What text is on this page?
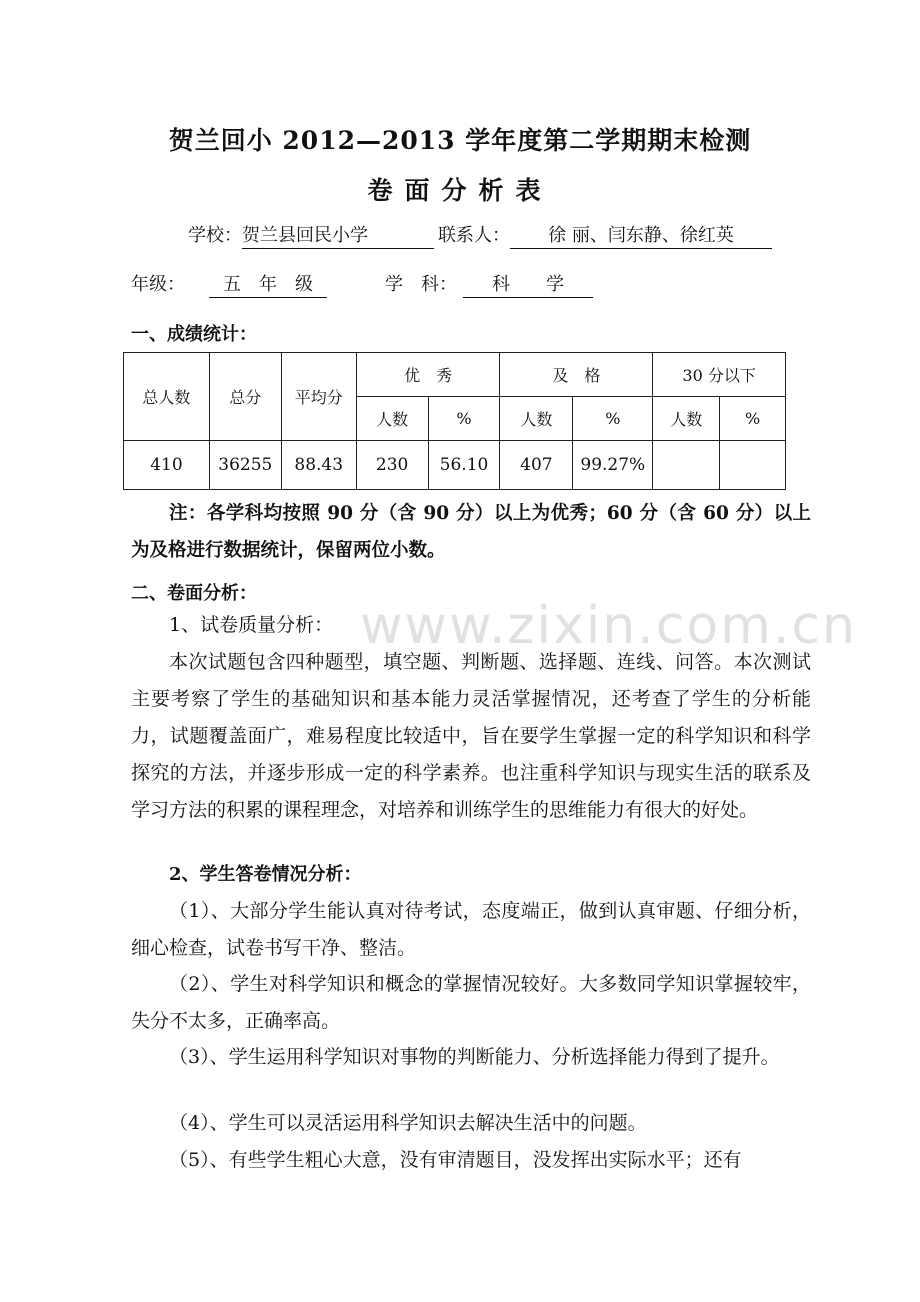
贺兰回小 2012—2013 学年度第二学期期末检测
卷面分析表
学校：贺兰县回民小学	联系人： 徐 丽、闫东静、徐红英
年级： 五　年　级	学　科： 科　　学
一、成绩统计：
总人数	总分	平均分	优　秀		及　格		30 分以下	
			人数	%	人数	%	人数	%
410	36255	88.43	230	56.10	407	99.27%		
注：各学科均按照 90 分（含 90 分）以上为优秀；60 分（含 60 分）以上为及格进行数据统计，保留两位小数。
二、卷面分析：
1、试卷质量分析：
本次试题包含四种题型，填空题、判断题、选择题、连线、问答。本次测试主要考察了学生的基础知识和基本能力灵活掌握情况，还考查了学生的分析能力，试题覆盖面广，难易程度比较适中，旨在要学生掌握一定的科学知识和科学探究的方法，并逐步形成一定的科学素养。也注重科学知识与现实生活的联系及学习方法的积累的课程理念，对培养和训练学生的思维能力有很大的好处。
2、学生答卷情况分析：
（1）、大部分学生能认真对待考试，态度端正，做到认真审题、仔细分析，细心检查，试卷书写干净、整洁。
（2）、学生对科学知识和概念的掌握情况较好。大多数同学知识掌握较牢，失分不太多，正确率高。
（3）、学生运用科学知识对事物的判断能力、分析选择能力得到了提升。
（4）、学生可以灵活运用科学知识去解决生活中的问题。
（5）、有些学生粗心大意，没有审清题目，没发挥出实际水平；还有
www.zixin.com.cn
